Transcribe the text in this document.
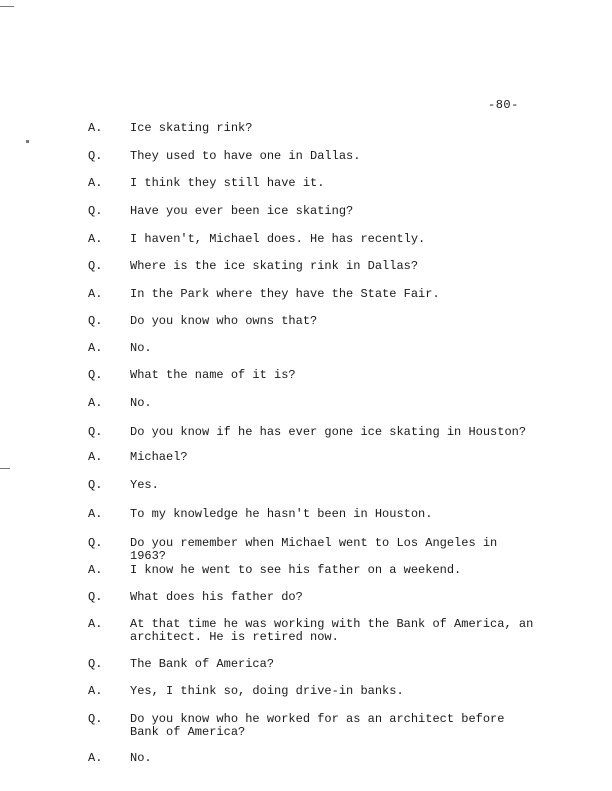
-80-
A. Ice skating rink?
Q. They used to have one in Dallas.
A. I think they still have it.
Q. Have you ever been ice skating?
A. I haven't, Michael does. He has recently.
Q. Where is the ice skating rink in Dallas?
A. In the Park where they have the State Fair.
Q. Do you know who owns that?
A. No.
Q. What the name of it is?
A. No.
Q. Do you know if he has ever gone ice skating in Houston?
A. Michael?
Q. Yes.
A. To my knowledge he hasn't been in Houston.
Q. Do you remember when Michael went to Los Angeles in 1963?
A. I know he went to see his father on a weekend.
Q. What does his father do?
A. At that time he was working with the Bank of America, an architect. He is retired now.
Q. The Bank of America?
A. Yes, I think so, doing drive-in banks.
Q. Do you know who he worked for as an architect before Bank of America?
A. No.
